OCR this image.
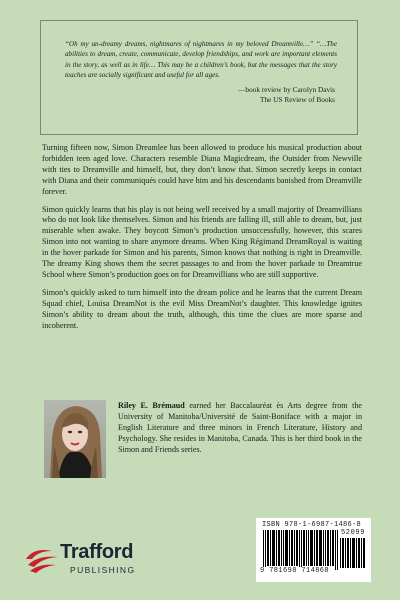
“Oh my un-dreamy dreams, nightmares of nightmares in my beloved Dreamville…” “…The abilities to dream, create, communicate, develop friendships, and work are important elements in the story, as well as in life… This may be a children’s book, but the messages that the story teaches are socially significant and useful for all ages.

—book review by Carolyn Davis
The US Review of Books

Turning fifteen now, Simon Dreamlee has been allowed to produce his musical production about forbidden teen aged love. Characters resemble Diana Magicdream, the Outsider from Newville with ties to Dreamville and himself, but, they don’t know that. Simon secretly keeps in contact with Diana and their communiqués could have him and his descendants banished from Dreamville forever.

Simon quickly learns that his play is not being well received by a small majority of Dreamvillians who do not look like themselves. Simon and his friends are falling ill, still able to dream, but, just miserable when awake. They boycott Simon’s production unsuccessfully, however, this scares Simon into not wanting to share anymore dreams. When King Régimand DreamRoyal is waiting in the hover parkade for Simon and his parents, Simon knows that nothing is right in Dreamville. The dreamy King shows them the secret passages to and from the hover parkade to Dreamtrue School where Simon’s production goes on for Dreamvillians who are still supportive.

Simon’s quickly asked to turn himself into the dream police and he learns that the current Dream Squad chief, Louisa DreamNot is the evil Miss DreamNot’s daughter. This knowledge ignites Simon’s ability to dream about the truth, although, this time the clues are more sparse and incoherent.

Riley E. Brémaud earned her Baccalauréat ès Arts degree from the University of Manitoba/Université de Saint-Boniface with a major in English Literature and three minors in French Literature, History and Psychology. She resides in Manitoba, Canada. This is her third book in the Simon and Friends series.
Trafford
PUBLISHING
ISBN 978-1-6987-1486-8
52099
9 781698 714868
